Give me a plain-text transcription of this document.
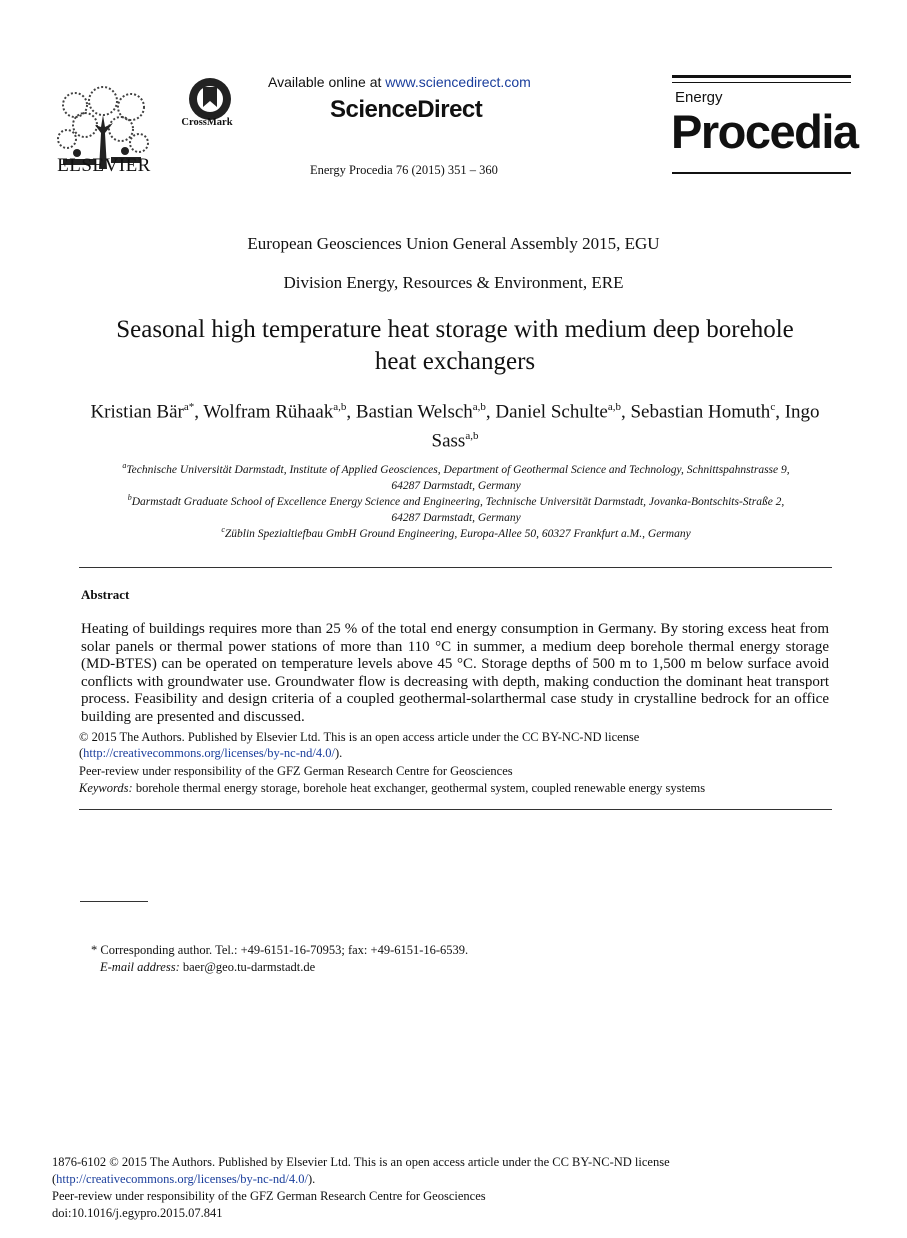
ELSEVIER
CrossMark
Available online at www.sciencedirect.com
ScienceDirect
Energy Procedia 76 (2015) 351 – 360
Energy
Procedia
European Geosciences Union General Assembly 2015, EGU
Division Energy, Resources & Environment, ERE
Seasonal high temperature heat storage with medium deep borehole
heat exchangers
Kristian Bär$^{a*}$, Wolfram Rühaak$^{a,b}$, Bastian Welsch$^{a,b}$, Daniel Schulte$^{a,b}$, Sebastian Homuth$^c$, Ingo Sass$^{a,b}$
$^a$Technische Universität Darmstadt, Institute of Applied Geosciences, Department of Geothermal Science and Technology, Schnittspahnstrasse 9,
64287 Darmstadt, Germany
$^b$Darmstadt Graduate School of Excellence Energy Science and Engineering, Technische Universität Darmstadt, Jovanka-Bontschits-Straße 2,
64287 Darmstadt, Germany
$^c$Züblin Spezialtiefbau GmbH Ground Engineering, Europa-Allee 50, 60327 Frankfurt a.M., Germany
Abstract
Heating of buildings requires more than 25 % of the total end energy consumption in Germany. By storing excess heat from solar panels or thermal power stations of more than 110 °C in summer, a medium deep borehole thermal energy storage (MD-BTES) can be operated on temperature levels above 45 °C. Storage depths of 500 m to 1,500 m below surface avoid conflicts with groundwater use. Groundwater flow is decreasing with depth, making conduction the dominant heat transport process. Feasibility and design criteria of a coupled geothermal-solarthermal case study in crystalline bedrock for an office building are presented and discussed.
© 2015 The Authors. Published by Elsevier Ltd. This is an open access article under the CC BY-NC-ND license
(http://creativecommons.org/licenses/by-nc-nd/4.0/).
Peer-review under responsibility of the GFZ German Research Centre for Geosciences
Keywords: borehole thermal energy storage, borehole heat exchanger, geothermal system, coupled renewable energy systems
* Corresponding author. Tel.: +49-6151-16-70953; fax: +49-6151-16-6539.
E-mail address: baer@geo.tu-darmstadt.de
1876-6102 © 2015 The Authors. Published by Elsevier Ltd. This is an open access article under the CC BY-NC-ND license
(http://creativecommons.org/licenses/by-nc-nd/4.0/).
Peer-review under responsibility of the GFZ German Research Centre for Geosciences
doi:10.1016/j.egypro.2015.07.841
